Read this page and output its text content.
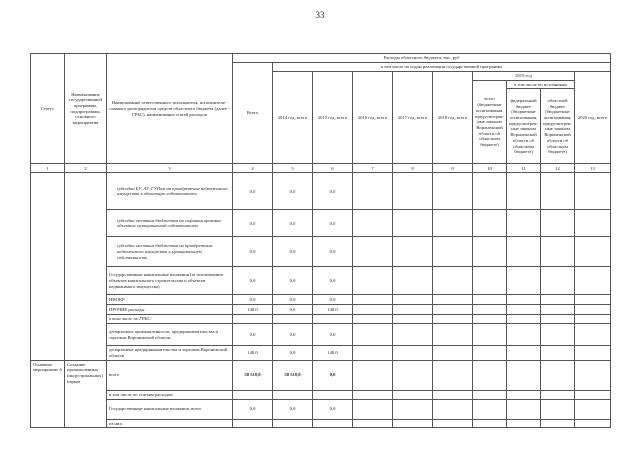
33
Статус	Наименование государственной программы, подпрограммы, основного мероприятия	Наименование ответственного исполнителя, исполнителя - главного распорядителя средств областного бюджета (далее - ГРБС), наименование статей расходов	Расходы областного бюджета, тыс. руб									
			Всего	в том числе по годам реализации государственной программы								
				2014 год, всего	2015 год, всего	2016 год, всего	2017 год, всего	2018 год, всего	2019 год			2020 год, всего
									всего (бюджетные ассигнования, предусмотрен- ные законом Воронежской области об областном бюджете)	в том числе по источникам		
										федеральный бюджет (бюджетные ассигнования, предусмотрен- ные законом Воронежской области об областном бюджете)	областной бюджет (бюджетные ассигнования, предусмотрен- ные законом Воронежской области об областном бюджете)	
1	2	3	4	5	6	7	8	9	10	11	12	13
		субсидии БУ, АУ, ГУПам на приобретение недвижимого имущества в областную собственность	0,0	0,0	0,0							
		субсидии местным бюджетам на софинансирование объектов муниципальной собственности	0,0	0,0	0,0							
		субсидии местным бюджетам на приобретение недвижимого имущества в муниципальную собственность	0,0	0,0	0,0							
		Государственные капитальные вложения (за исключением объектов капитального строительства и объектов недвижимого имущества)	0,0	0,0	0,0							
		НИОКР	0,0	0,0	0,0							
		ПРОЧИЕ расходы	148,0	0,0	148,0							
		в том числе по ГРБС:										
		департамент промышленности, предпринимательства и торговли Воронежской области	0,0	0,0	0,0							
		департамент предпринимательства и торговли Воронежской области	148,0	0,0	148,0							
Основное мероприятие 6	Создание промышленных (индустриальных) парков	всего	50 518,0	50 518,0	0,0							
		в том числе по статьям расходов:										
		Государственные капитальные вложения, всего	0,0	0,0	0,0							
		из них:										
